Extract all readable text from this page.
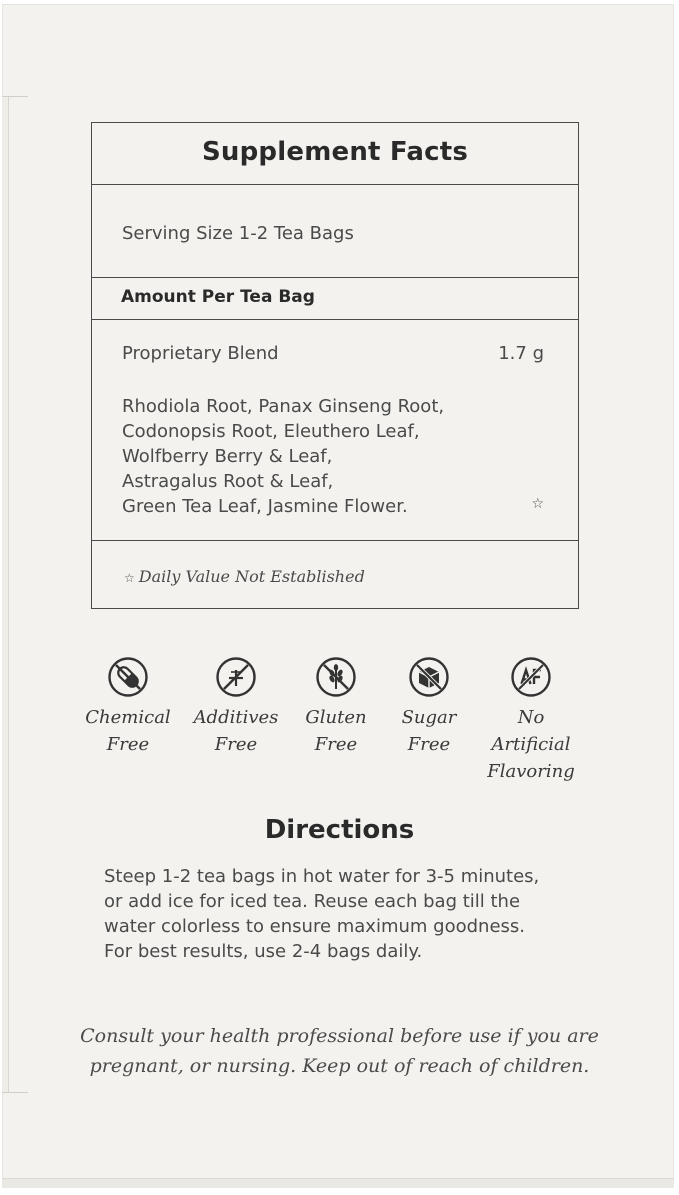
Supplement Facts
Serving Size 1-2 Tea Bags
Amount Per Tea Bag
Proprietary Blend	1.7 g
Rhodiola Root, Panax Ginseng Root,
Codonopsis Root, Eleuthero Leaf,
Wolfberry Berry & Leaf,
Astragalus Root & Leaf,
Green Tea Leaf, Jasmine Flower.	☆
☆ Daily Value Not Established
Chemical
Free
Additives
Free
Gluten
Free
Sugar
Free
No Artificial
Flavoring
Directions
Steep 1-2 tea bags in hot water for 3-5 minutes,
or add ice for iced tea. Reuse each bag till the
water colorless to ensure maximum goodness.
For best results, use 2-4 bags daily.
Consult your health professional before use if you are
pregnant, or nursing. Keep out of reach of children.
